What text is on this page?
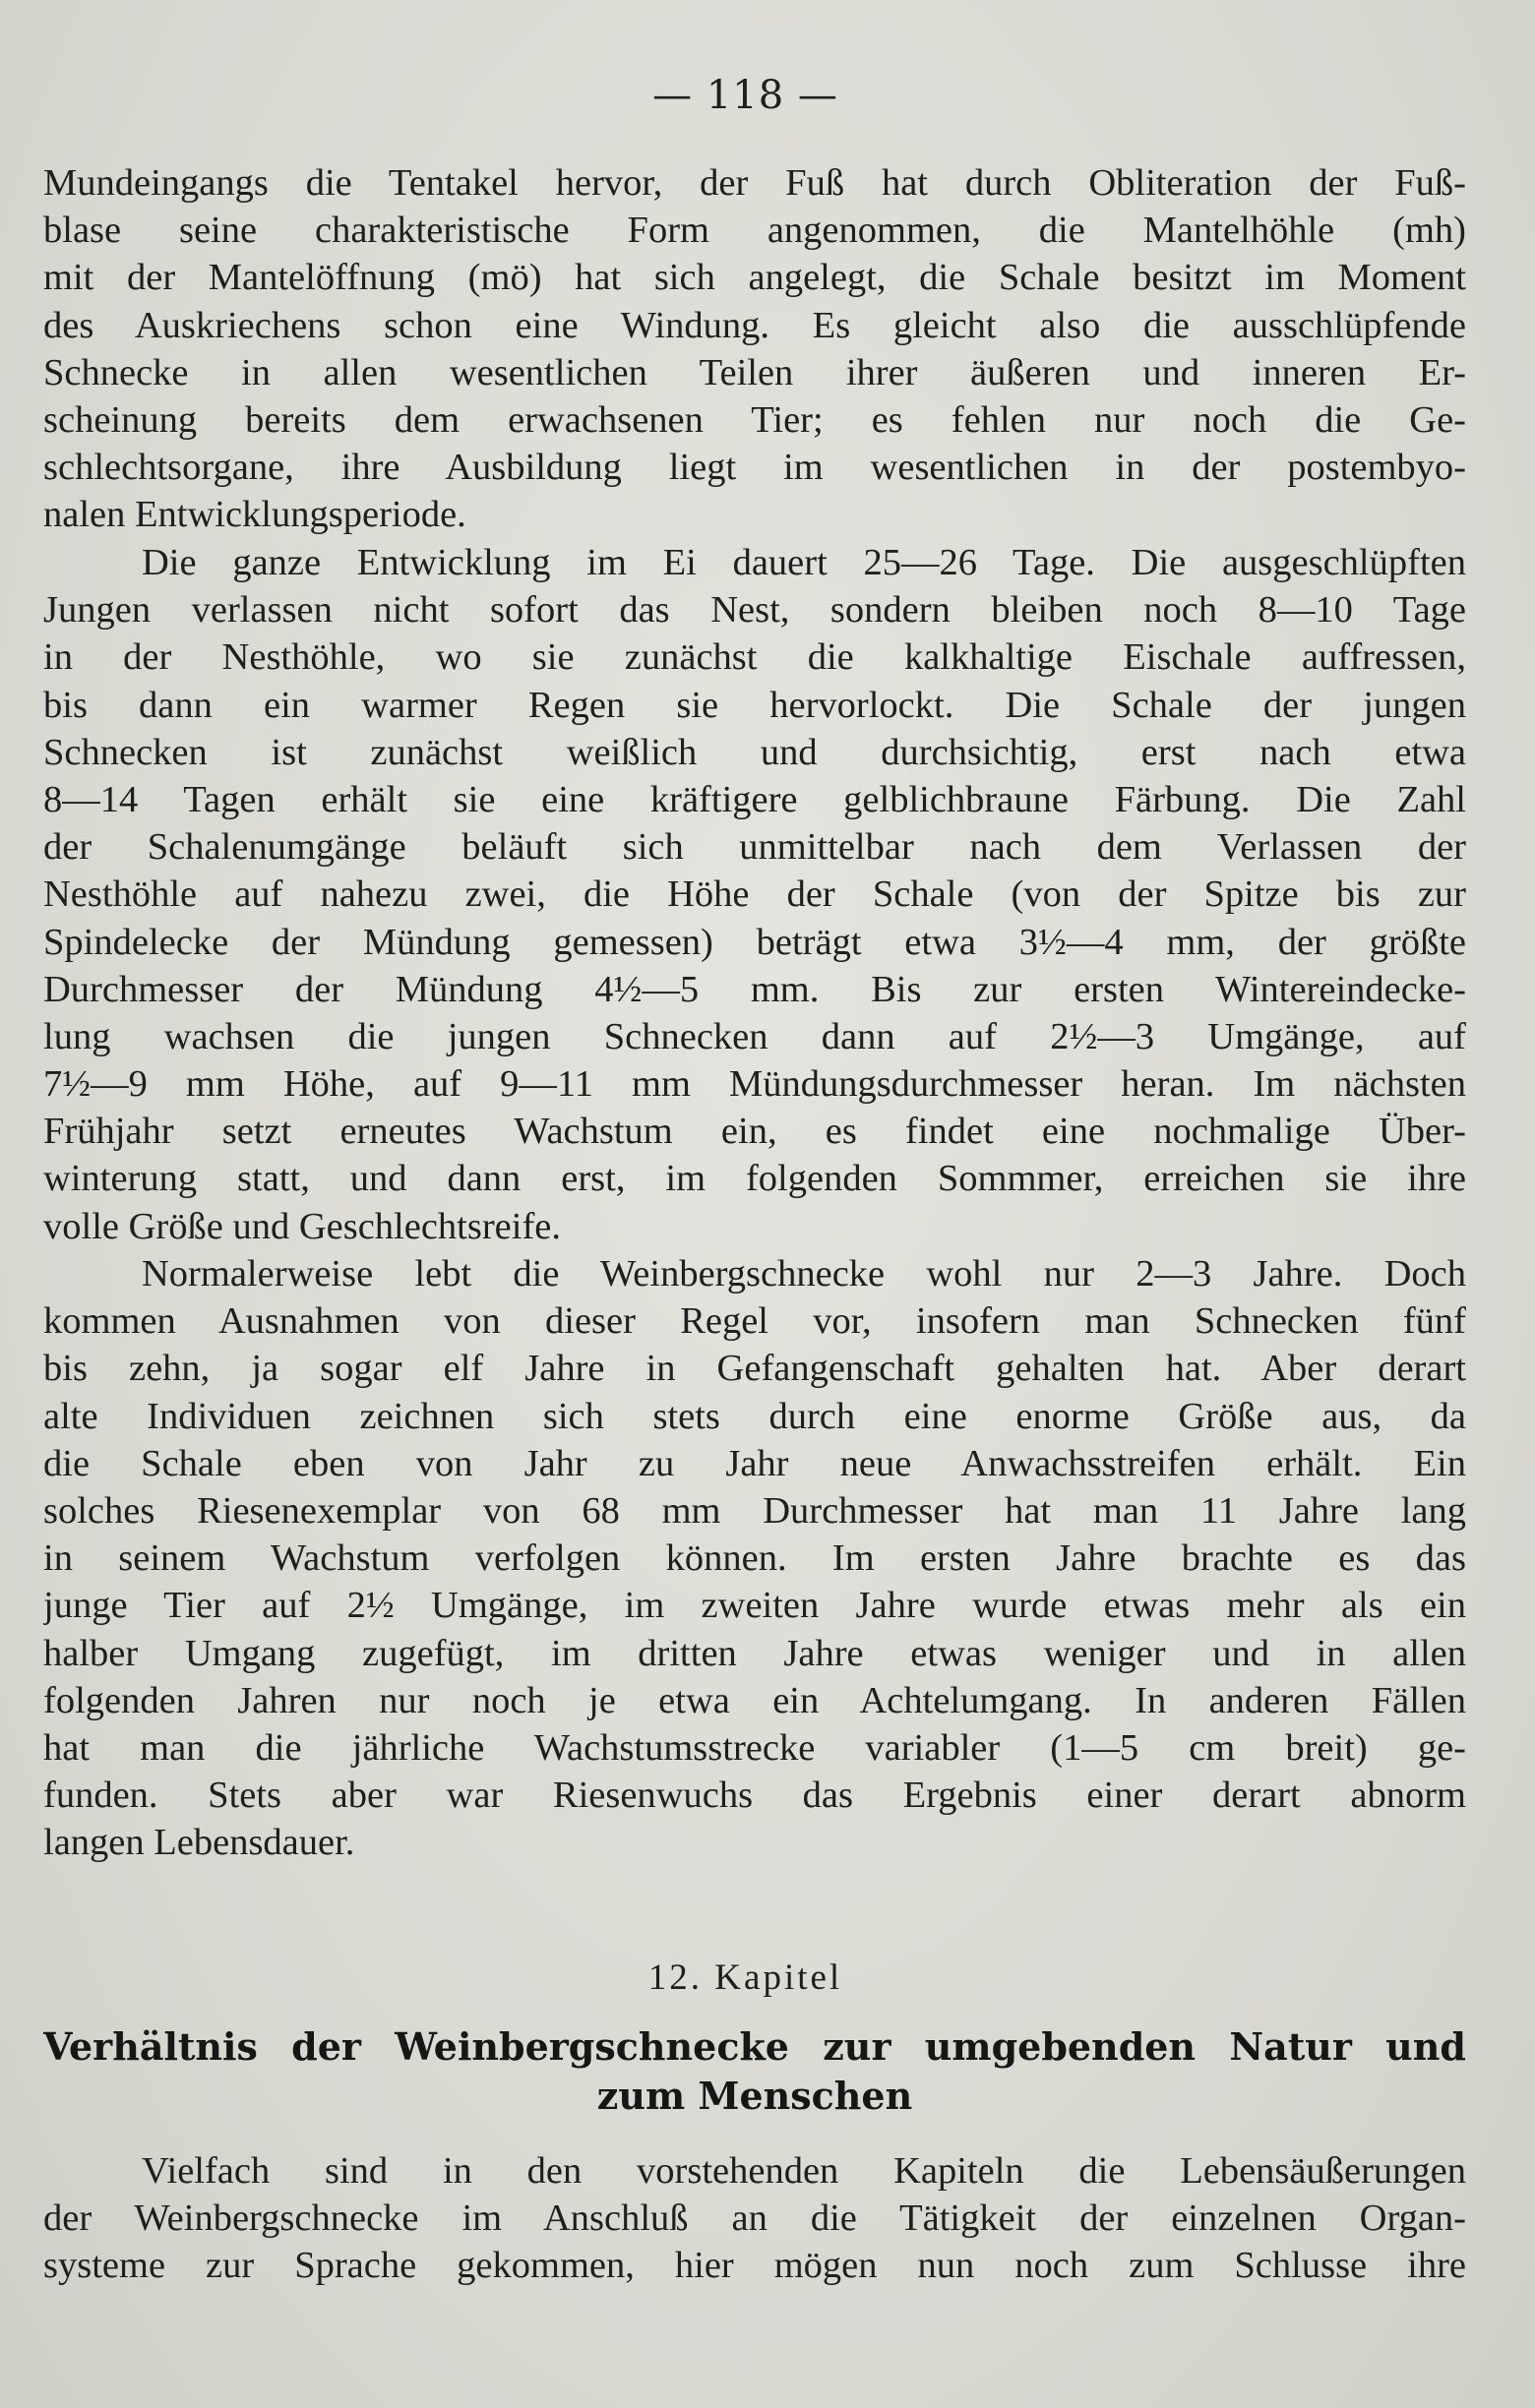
— 118 —
Mundeingangs die Tentakel hervor, der Fuß hat durch Obliteration der Fuß-
blase seine charakteristische Form angenommen, die Mantelhöhle (mh)
mit der Mantelöffnung (mö) hat sich angelegt, die Schale besitzt im Moment
des Auskriechens schon eine Windung. Es gleicht also die ausschlüpfende
Schnecke in allen wesentlichen Teilen ihrer äußeren und inneren Er-
scheinung bereits dem erwachsenen Tier; es fehlen nur noch die Ge-
schlechtsorgane, ihre Ausbildung liegt im wesentlichen in der postembyo-
nalen Entwicklungsperiode.
Die ganze Entwicklung im Ei dauert 25—26 Tage. Die ausgeschlüpften
Jungen verlassen nicht sofort das Nest, sondern bleiben noch 8—10 Tage
in der Nesthöhle, wo sie zunächst die kalkhaltige Eischale auffressen,
bis dann ein warmer Regen sie hervorlockt. Die Schale der jungen
Schnecken ist zunächst weißlich und durchsichtig, erst nach etwa
8—14 Tagen erhält sie eine kräftigere gelblichbraune Färbung. Die Zahl
der Schalenumgänge beläuft sich unmittelbar nach dem Verlassen der
Nesthöhle auf nahezu zwei, die Höhe der Schale (von der Spitze bis zur
Spindelecke der Mündung gemessen) beträgt etwa 3½—4 mm, der größte
Durchmesser der Mündung 4½—5 mm. Bis zur ersten Wintereindecke-
lung wachsen die jungen Schnecken dann auf 2½—3 Umgänge, auf
7½—9 mm Höhe, auf 9—11 mm Mündungsdurchmesser heran. Im nächsten
Frühjahr setzt erneutes Wachstum ein, es findet eine nochmalige Über-
winterung statt, und dann erst, im folgenden Sommmer, erreichen sie ihre
volle Größe und Geschlechtsreife.
Normalerweise lebt die Weinbergschnecke wohl nur 2—3 Jahre. Doch
kommen Ausnahmen von dieser Regel vor, insofern man Schnecken fünf
bis zehn, ja sogar elf Jahre in Gefangenschaft gehalten hat. Aber derart
alte Individuen zeichnen sich stets durch eine enorme Größe aus, da
die Schale eben von Jahr zu Jahr neue Anwachsstreifen erhält. Ein
solches Riesenexemplar von 68 mm Durchmesser hat man 11 Jahre lang
in seinem Wachstum verfolgen können. Im ersten Jahre brachte es das
junge Tier auf 2½ Umgänge, im zweiten Jahre wurde etwas mehr als ein
halber Umgang zugefügt, im dritten Jahre etwas weniger und in allen
folgenden Jahren nur noch je etwa ein Achtelumgang. In anderen Fällen
hat man die jährliche Wachstumsstrecke variabler (1—5 cm breit) ge-
funden. Stets aber war Riesenwuchs das Ergebnis einer derart abnorm
langen Lebensdauer.
12. Kapitel
Verhältnis der Weinbergschnecke zur umgebenden Natur und
zum Menschen
Vielfach sind in den vorstehenden Kapiteln die Lebensäußerungen
der Weinbergschnecke im Anschluß an die Tätigkeit der einzelnen Organ-
systeme zur Sprache gekommen, hier mögen nun noch zum Schlusse ihre
